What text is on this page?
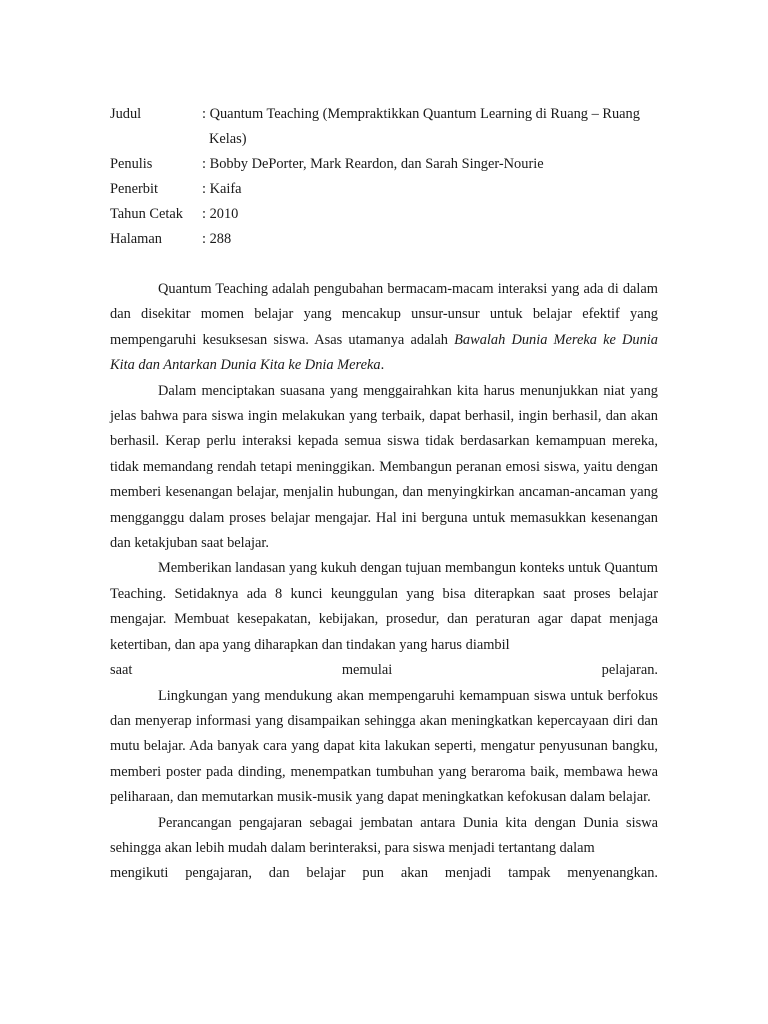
Judul	: Quantum Teaching (Mempraktikkan Quantum Learning di Ruang – Ruang Kelas)
Penulis	: Bobby DePorter, Mark Reardon, dan Sarah Singer-Nourie
Penerbit	: Kaifa
Tahun Cetak	: 2010
Halaman	: 288

Quantum Teaching adalah pengubahan bermacam-macam interaksi yang ada di dalam dan disekitar momen belajar yang mencakup unsur-unsur untuk belajar efektif yang mempengaruhi kesuksesan siswa. Asas utamanya adalah Bawalah Dunia Mereka ke Dunia Kita dan Antarkan Dunia Kita ke Dnia Mereka.

Dalam menciptakan suasana yang menggairahkan kita harus menunjukkan niat yang jelas bahwa para siswa ingin melakukan yang terbaik, dapat berhasil, ingin berhasil, dan akan berhasil. Kerap perlu interaksi kepada semua siswa tidak berdasarkan kemampuan mereka, tidak memandang rendah tetapi meninggikan. Membangun peranan emosi siswa, yaitu dengan memberi kesenangan belajar, menjalin hubungan, dan menyingkirkan ancaman-ancaman yang mengganggu dalam proses belajar mengajar. Hal ini berguna untuk memasukkan kesenangan dan ketakjuban saat belajar.

Memberikan landasan yang kukuh dengan tujuan membangun konteks untuk Quantum Teaching. Setidaknya ada 8 kunci keunggulan yang bisa diterapkan saat proses belajar mengajar. Membuat kesepakatan, kebijakan, prosedur, dan peraturan agar dapat menjaga ketertiban, dan apa yang diharapkan dan tindakan yang harus diambil
saat memulai pelajaran.

Lingkungan yang mendukung akan mempengaruhi kemampuan siswa untuk berfokus dan menyerap informasi yang disampaikan sehingga akan meningkatkan kepercayaan diri dan mutu belajar. Ada banyak cara yang dapat kita lakukan seperti, mengatur penyusunan bangku, memberi poster pada dinding, menempatkan tumbuhan yang beraroma baik, membawa hewa peliharaan, dan memutarkan musik-musik yang dapat meningkatkan kefokusan dalam belajar.

Perancangan pengajaran sebagai jembatan antara Dunia kita dengan Dunia siswa sehingga akan lebih mudah dalam berinteraksi, para siswa menjadi tertantang dalam
mengikuti pengajaran, dan belajar pun akan menjadi tampak menyenangkan.
